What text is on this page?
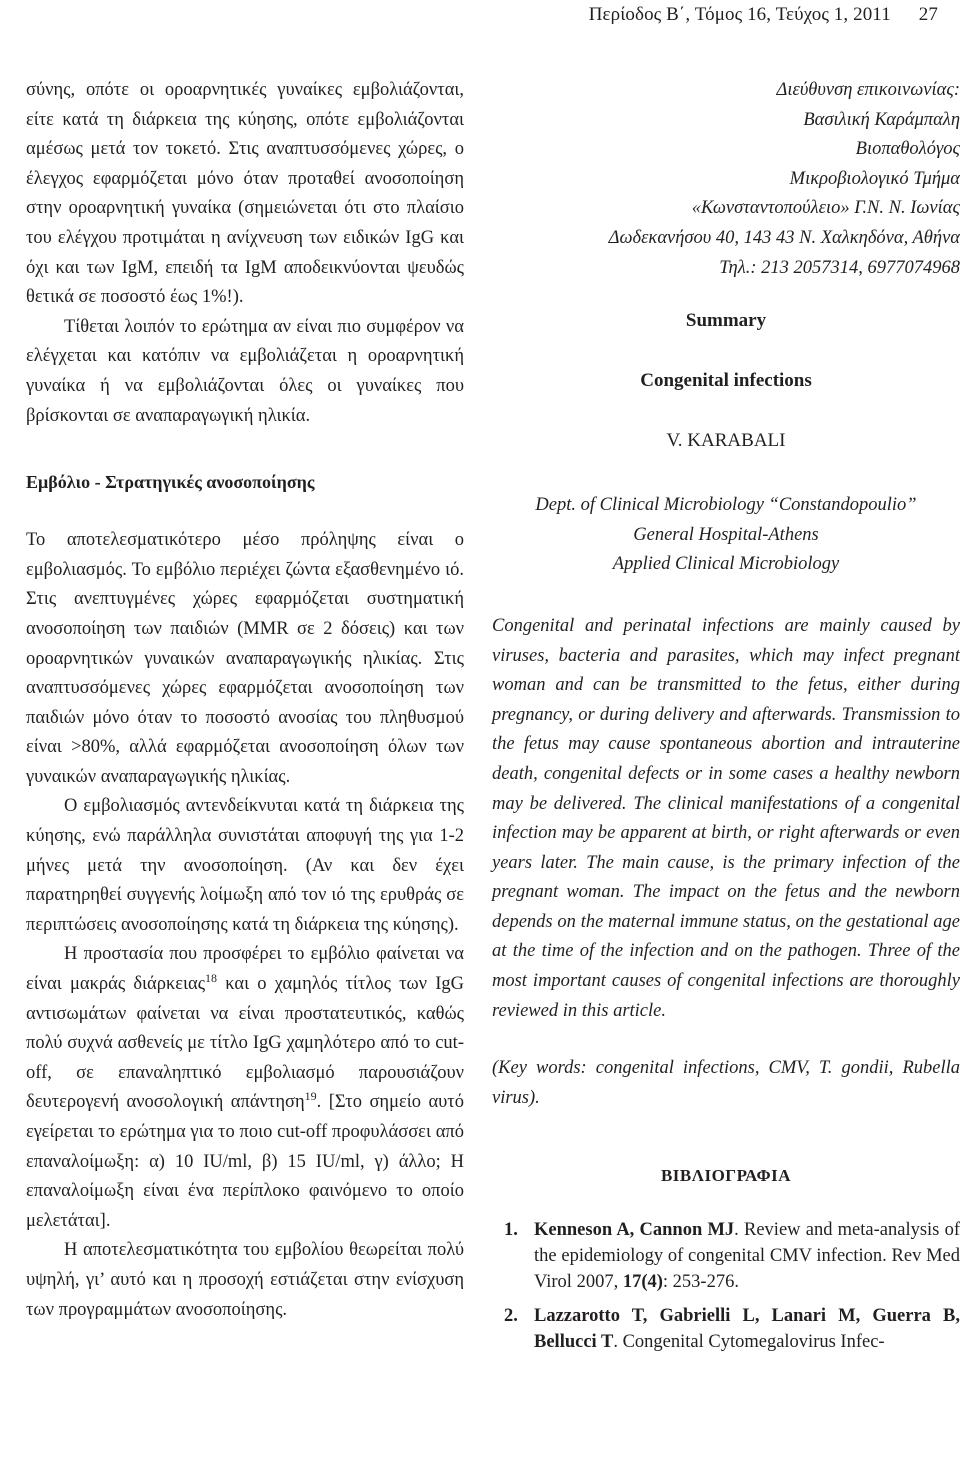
Περίοδος Β΄, Τόμος 16, Τεύχος 1, 2011 27

σύνης, οπότε οι οροαρνητικές γυναίκες εμβολιάζονται, είτε κατά τη διάρκεια της κύησης, οπότε εμβολιάζονται αμέσως μετά τον τοκετό. Στις αναπτυσσόμενες χώρες, ο έλεγχος εφαρμόζεται μόνο όταν προταθεί ανοσοποίηση στην οροαρνητική γυναίκα (σημειώνεται ότι στο πλαίσιο του ελέγχου προτιμάται η ανίχνευση των ειδικών IgG και όχι και των IgM, επειδή τα IgM αποδεικνύονται ψευδώς θετικά σε ποσοστό έως 1%!).

Τίθεται λοιπόν το ερώτημα αν είναι πιο συμφέρον να ελέγχεται και κατόπιν να εμβολιάζεται η οροαρνητική γυναίκα ή να εμβολιάζονται όλες οι γυναίκες που βρίσκονται σε αναπαραγωγική ηλικία.

Εμβόλιο - Στρατηγικές ανοσοποίησης

Το αποτελεσματικότερο μέσο πρόληψης είναι ο εμβολιασμός. Το εμβόλιο περιέχει ζώντα εξασθενημένο ιό. Στις ανεπτυγμένες χώρες εφαρμόζεται συστηματική ανοσοποίηση των παιδιών (MMR σε 2 δόσεις) και των οροαρνητικών γυναικών αναπαραγωγικής ηλικίας. Στις αναπτυσσόμενες χώρες εφαρμόζεται ανοσοποίηση των παιδιών μόνο όταν το ποσοστό ανοσίας του πληθυσμού είναι >80%, αλλά εφαρμόζεται ανοσοποίηση όλων των γυναικών αναπαραγωγικής ηλικίας.

Ο εμβολιασμός αντενδείκνυται κατά τη διάρκεια της κύησης, ενώ παράλληλα συνιστάται αποφυγή της για 1-2 μήνες μετά την ανοσοποίηση. (Αν και δεν έχει παρατηρηθεί συγγενής λοίμωξη από τον ιό της ερυθράς σε περιπτώσεις ανοσοποίησης κατά τη διάρκεια της κύησης).

Η προστασία που προσφέρει το εμβόλιο φαίνεται να είναι μακράς διάρκειας$^{18}$ και ο χαμηλός τίτλος των IgG αντισωμάτων φαίνεται να είναι προστατευτικός, καθώς πολύ συχνά ασθενείς με τίτλο IgG χαμηλότερο από το cut-off, σε επαναληπτικό εμβολιασμό παρουσιάζουν δευτερογενή ανοσολογική απάντηση$^{19}$. [Στο σημείο αυτό εγείρεται το ερώτημα για το ποιο cut-off προφυλάσσει από επαναλοίμωξη: α) 10 IU/ml, β) 15 IU/ml, γ) άλλο; Η επαναλοίμωξη είναι ένα περίπλοκο φαινόμενο το οποίο μελετάται].

Η αποτελεσματικότητα του εμβολίου θεωρείται πολύ υψηλή, γι’ αυτό και η προσοχή εστιάζεται στην ενίσχυση των προγραμμάτων ανοσοποίησης.

Διεύθυνση επικοινωνίας:

Βασιλική Καράμπαλη

Βιοπαθολόγος

Μικροβιολογικό Τμήμα

«Κωνσταντοπούλειο» Γ.Ν. Ν. Ιωνίας

Δωδεκανήσου 40, 143 43 Ν. Χαλκηδόνα, Αθήνα

Τηλ.: 213 2057314, 6977074968

Summary
Congenital infections
V. KARABALI

Dept. of Clinical Microbiology “Constandopoulio”

General Hospital-Athens

Applied Clinical Microbiology

Congenital and perinatal infections are mainly caused by viruses, bacteria and parasites, which may infect pregnant woman and can be transmitted to the fetus, either during pregnancy, or during delivery and afterwards. Transmission to the fetus may cause spontaneous abortion and intrauterine death, congenital defects or in some cases a healthy newborn may be delivered. The clinical manifestations of a congenital infection may be apparent at birth, or right afterwards or even years later. The main cause, is the primary infection of the pregnant woman. The impact on the fetus and the newborn depends on the maternal immune status, on the gestational age at the time of the infection and on the pathogen. Three of the most important causes of congenital infections are thoroughly reviewed in this article.

(Key words: congenital infections, CMV, T. gondii, Rubella virus).

ΒΙΒΛΙΟΓΡΑΦΙΑ
1. Kenneson A, Cannon MJ. Review and meta-analysis of the epidemiology of congenital CMV infection. Rev Med Virol 2007, 17(4): 253-276.
2. Lazzarotto T, Gabrielli L, Lanari M, Guerra B, Bellucci T. Congenital Cytomegalovirus Infec-
